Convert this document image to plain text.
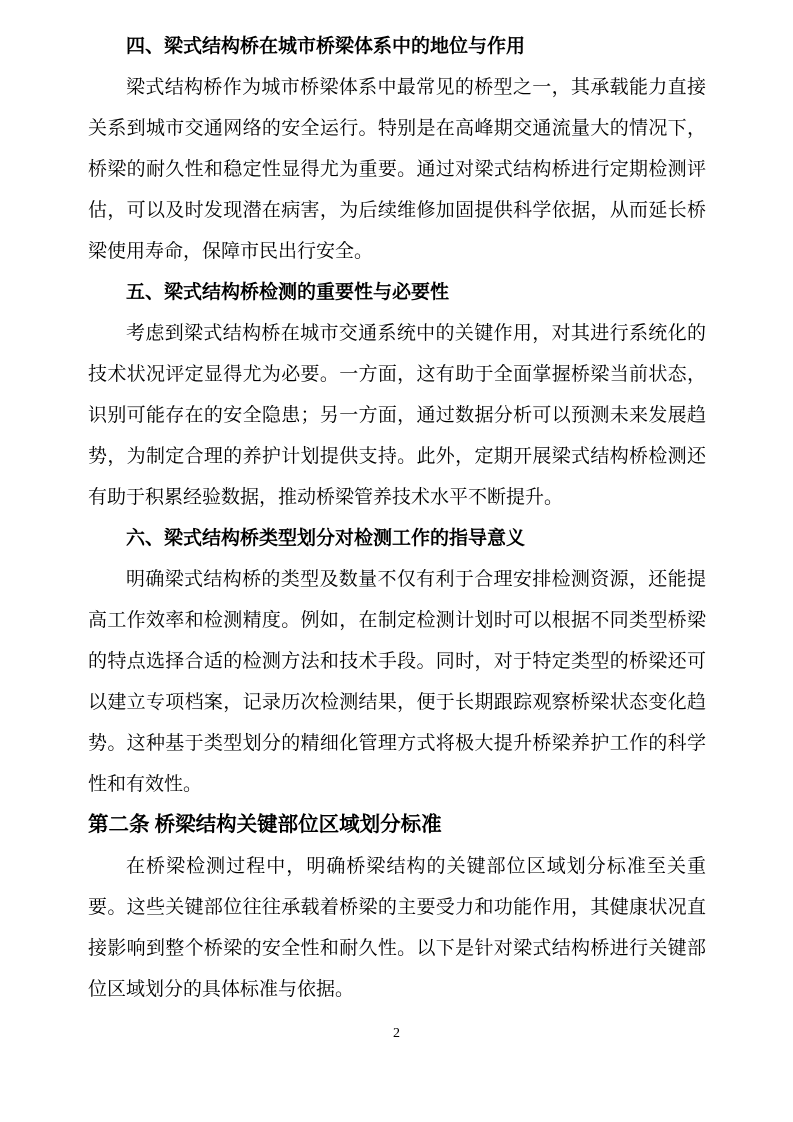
四、梁式结构桥在城市桥梁体系中的地位与作用

梁式结构桥作为城市桥梁体系中最常见的桥型之一，其承载能力直接关系到城市交通网络的安全运行。特别是在高峰期交通流量大的情况下，桥梁的耐久性和稳定性显得尤为重要。通过对梁式结构桥进行定期检测评估，可以及时发现潜在病害，为后续维修加固提供科学依据，从而延长桥梁使用寿命，保障市民出行安全。

五、梁式结构桥检测的重要性与必要性

考虑到梁式结构桥在城市交通系统中的关键作用，对其进行系统化的技术状况评定显得尤为必要。一方面，这有助于全面掌握桥梁当前状态，识别可能存在的安全隐患；另一方面，通过数据分析可以预测未来发展趋势，为制定合理的养护计划提供支持。此外，定期开展梁式结构桥检测还有助于积累经验数据，推动桥梁管养技术水平不断提升。

六、梁式结构桥类型划分对检测工作的指导意义

明确梁式结构桥的类型及数量不仅有利于合理安排检测资源，还能提高工作效率和检测精度。例如，在制定检测计划时可以根据不同类型桥梁的特点选择合适的检测方法和技术手段。同时，对于特定类型的桥梁还可以建立专项档案，记录历次检测结果，便于长期跟踪观察桥梁状态变化趋势。这种基于类型划分的精细化管理方式将极大提升桥梁养护工作的科学性和有效性。

第二条 桥梁结构关键部位区域划分标准

在桥梁检测过程中，明确桥梁结构的关键部位区域划分标准至关重要。这些关键部位往往承载着桥梁的主要受力和功能作用，其健康状况直接影响到整个桥梁的安全性和耐久性。以下是针对梁式结构桥进行关键部位区域划分的具体标准与依据。

2
